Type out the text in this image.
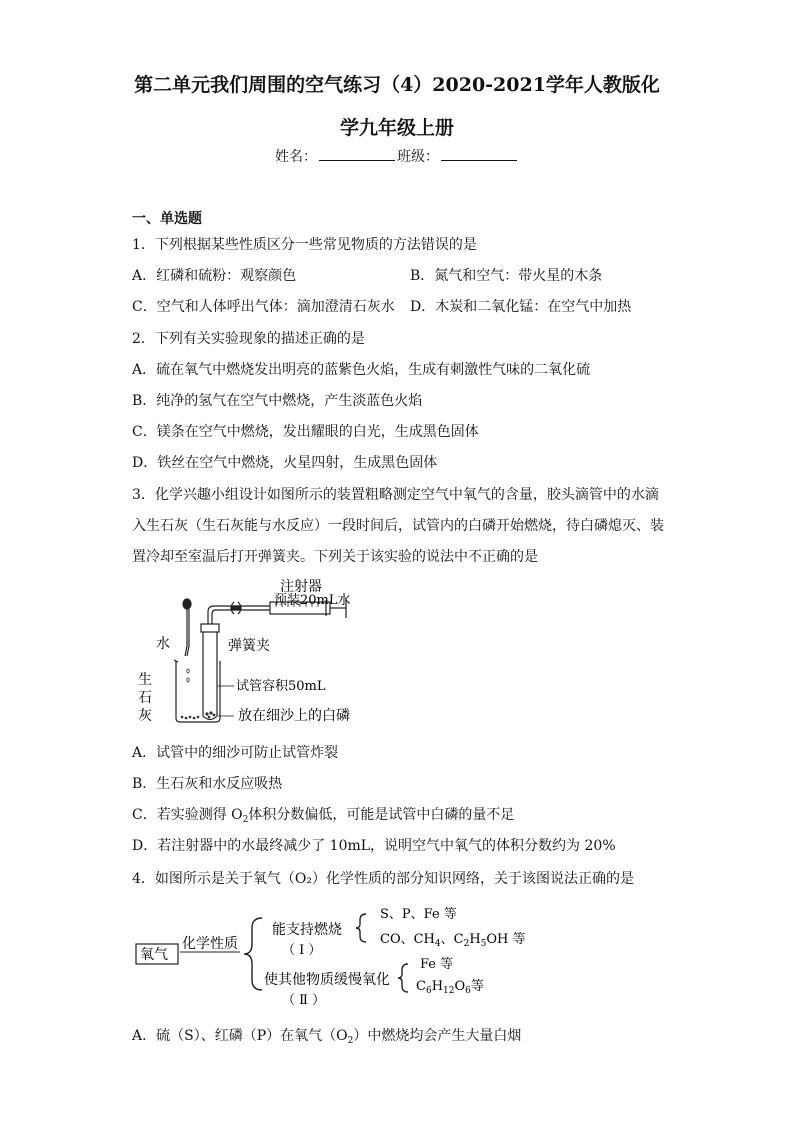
第二单元我们周围的空气练习（4）2020-2021学年人教版化
学九年级上册
姓名：	班级：
一、单选题
1．下列根据某些性质区分一些常见物质的方法错误的是
A．红磷和硫粉：观察颜色	B．氮气和空气：带火星的木条
C．空气和人体呼出气体：滴加澄清石灰水 D．木炭和二氧化锰：在空气中加热
2．下列有关实验现象的描述正确的是
A．硫在氧气中燃烧发出明亮的蓝紫色火焰，生成有刺激性气味的二氧化硫
B．纯净的氢气在空气中燃烧，产生淡蓝色火焰
C．镁条在空气中燃烧，发出耀眼的白光，生成黑色固体
D．铁丝在空气中燃烧，火星四射，生成黑色固体
3．化学兴趣小组设计如图所示的装置粗略测定空气中氧气的含量，胶头滴管中的水滴
入生石灰（生石灰能与水反应）一段时间后，试管内的白磷开始燃烧，待白磷熄灭、装
置冷却至室温后打开弹簧夹。下列关于该实验的说法中不正确的是
注射器
预装20mL水
水	弹簧夹
生
石
灰
试管容积50mL
放在细沙上的白磷
A．试管中的细沙可防止试管炸裂
B．生石灰和水反应吸热
C．若实验测得 $O_2$体积分数偏低，可能是试管中白磷的量不足
D．若注射器中的水最终减少了 10mL，说明空气中氧气的体积分数约为 20%
4．如图所示是关于氧气（O₂）化学性质的部分知识网络，关于该图说法正确的是
氧气
化学性质
能支持燃烧
（ Ⅰ ）
使其他物质缓慢氧化
（ Ⅱ ）
S、P、Fe 等
CO、$CH_4$、$C_2H_5OH$ 等
Fe 等
$C_6H_{12}O_6$等
A．硫（S）、红磷（P）在氧气$(O_2)$中燃烧均会产生大量白烟
